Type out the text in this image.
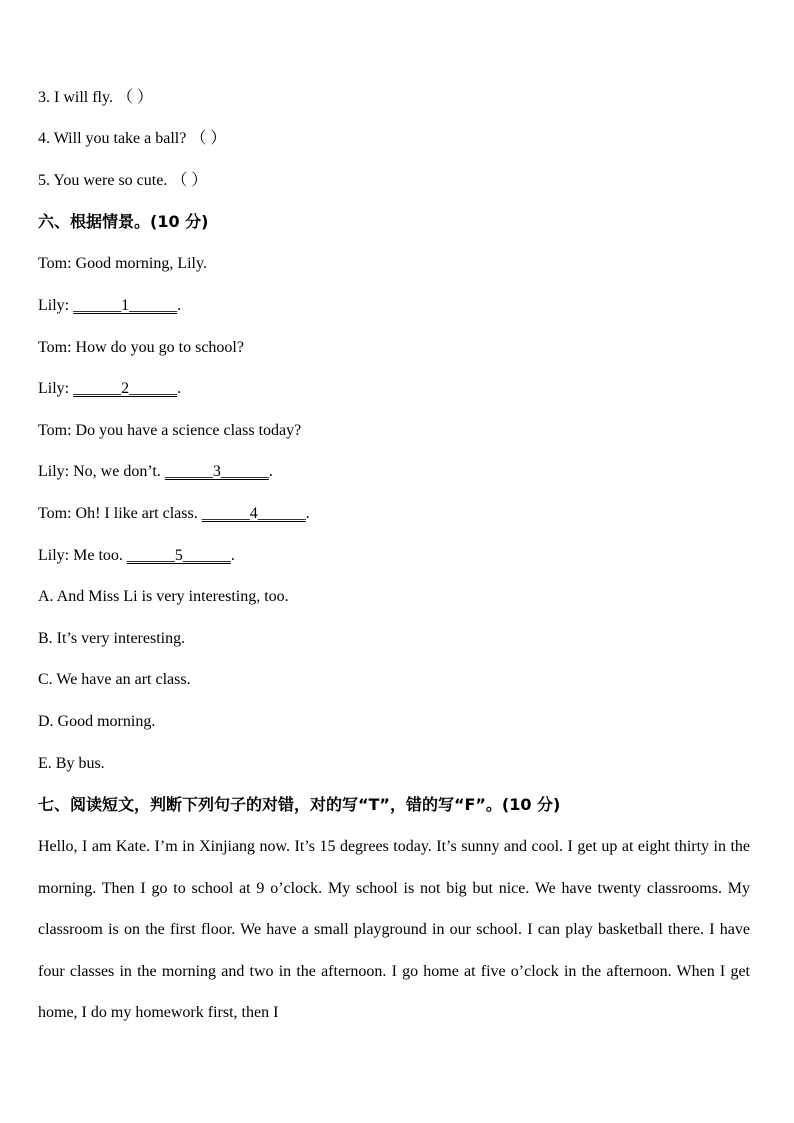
3. I will fly. （ ）

4. Will you take a ball? （ ）

5. You were so cute. （ ）

六、根据情景。(10 分)

Tom: Good morning, Lily.

Lily: ______1______.

Tom: How do you go to school?

Lily: ______2______.

Tom: Do you have a science class today?

Lily: No, we don’t. ______3______.

Tom: Oh! I like art class. ______4______.

Lily: Me too. ______5______.

A. And Miss Li is very interesting, too.

B. It’s very interesting.

C. We have an art class.

D. Good morning.

E. By bus.

七、阅读短文，判断下列句子的对错，对的写“T”，错的写“F”。(10 分)

Hello, I am Kate. I’m in Xinjiang now. It’s 15 degrees today. It’s sunny and cool. I get up at eight thirty in the morning. Then I go to school at 9 o’clock. My school is not big but nice. We have twenty classrooms. My classroom is on the first floor. We have a small playground in our school. I can play basketball there. I have four classes in the morning and two in the afternoon. I go home at five o’clock in the afternoon. When I get home, I do my homework first, then I
